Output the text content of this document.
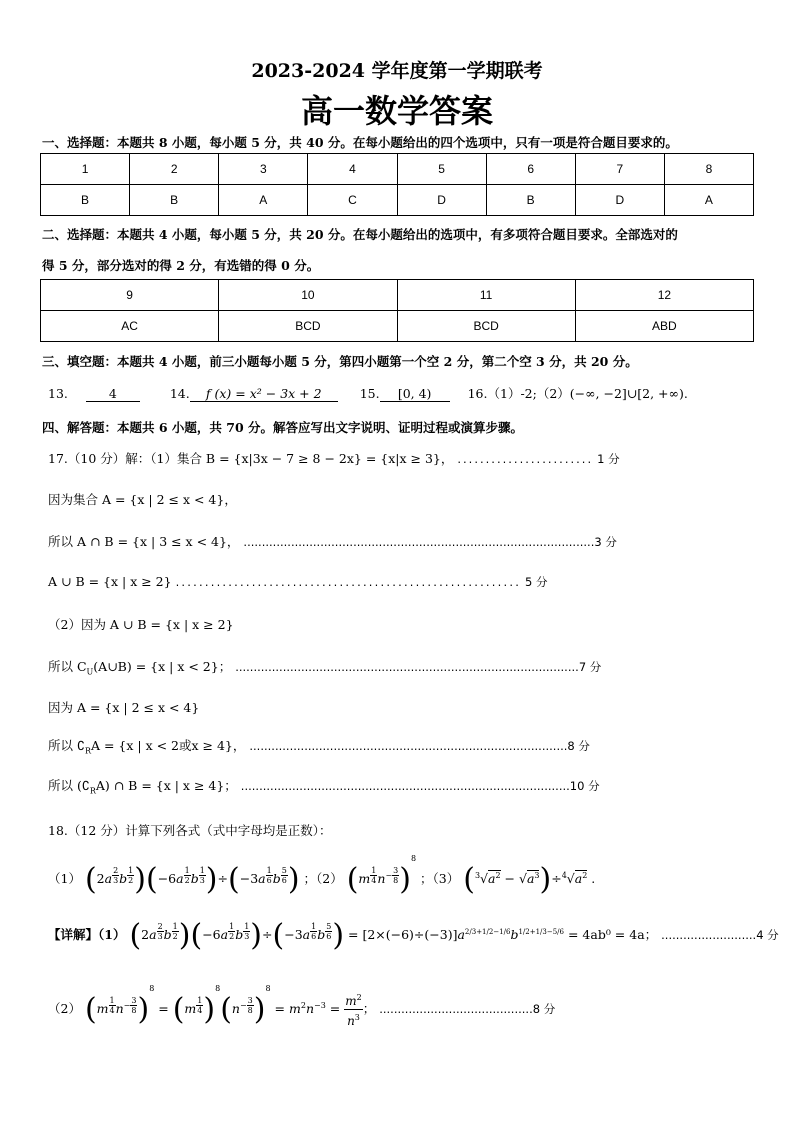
2023-2024 学年度第一学期联考
高一数学答案
一、选择题：本题共 8 小题，每小题 5 分，共 40 分。在每小题给出的四个选项中，只有一项是符合题目要求的。
1	2	3	4	5	6	7	8
B	B	A	C	D	B	D	A
二、选择题：本题共 4 小题，每小题 5 分，共 20 分。在每小题给出的选项中，有多项符合题目要求。全部选对的
得 5 分，部分选对的得 2 分，有选错的得 0 分。
9	10	11	12
AC	BCD	BCD	ABD
三、填空题：本题共 4 小题，前三小题每小题 5 分，第四小题第一个空 2 分，第二个空 3 分，共 20 分。
13.	4	14. f (x) = x² − 3x + 2	15. [0, 4)	16.（1）-2;（2）(−∞, −2]∪[2, +∞).
四、解答题：本题共 6 小题，共 70 分。解答应写出文字说明、证明过程或演算步骤。
17.（10 分）解：（1）集合 B = {x|3x − 7 ≥ 8 − 2x} = {x|x ≥ 3}， ........................ 1 分
因为集合 A = {x | 2 ≤ x < 4}，
所以 A ∩ B = {x | 3 ≤ x < 4}， ................................................................................................3 分
A ∪ B = {x | x ≥ 2} ........................................................... 5 分
（2）因为 A ∪ B = {x | x ≥ 2}
所以 $C_U(A\cup B) = \{x$ | x < 2}； ..............................................................................................7 分
因为 A = {x | 2 ≤ x < 4}
所以 $∁_RA = \{x$ | x < 2或x ≥ 4}， .......................................................................................8 分
所以 $(∁_RA)$ ∩ B = {x | x ≥ 4}； ..........................................................................................10 分
18.（12 分）计算下列各式（式中字母均是正数）：
（1） (2a $^{\frac{2}{3}}$ b $^{\frac{1}{2}}$ )(−6a $^{\frac{1}{2}}$ b $^{\frac{1}{3}}$ )÷(−3a $^{\frac{1}{6}}$ b $^{\frac{5}{6}}$ ) ；（2） (m $^{\frac{1}{4}}$ $n^{- \frac{3}{8}}$ )$^8$ ；（3） $(^3√a^2 - √a^3)\div^4√a^2$ .
【详解】（1） (2a $^{\frac{2}{3}}$ b $^{\frac{1}{2}}$ )(−6a $^{\frac{1}{2}}$ b $^{\frac{1}{3}}$ )÷(−3a $^{\frac{1}{6}}$ b $^{\frac{5}{6}}$ ) = $[2\times(-6)\div(-3)]a^{2/3+1/2-1/6}b^{1/2+1/3-5/6} = 4ab^0 = 4a$； ..........................4 分
（2） (m $^{\frac{1}{4}}$ $n^{- \frac{3}{8}}$ )$^8$ = (m $^{\frac{1}{4}}$ )$^8(n^{- \frac{3}{8}}$ )$^8 = m^2n^{-3} = \frac{m^2}{n^3}$ ； ..........................................8 分
